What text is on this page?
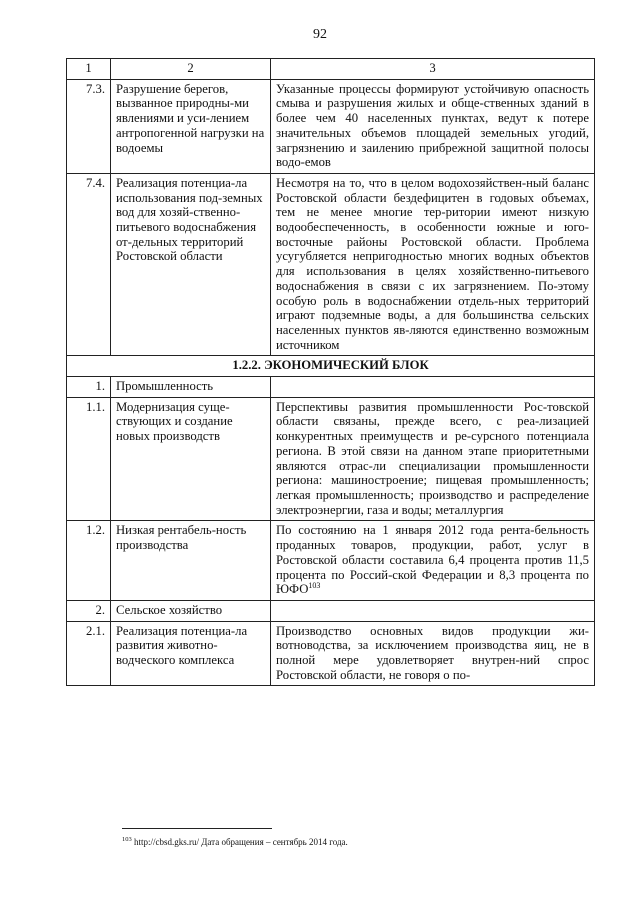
92
1	2	3
7.3.	Разрушение берегов, вызванное природны-ми явлениями и уси-лением антропогенной нагрузки на водоемы	Указанные процессы формируют устойчивую опасность смыва и разрушения жилых и обще-ственных зданий в более чем 40 населенных пунктах, ведут к потере значительных объемов площадей земельных угодий, загрязнению и заилению прибрежной защитной полосы водо-емов
7.4.	Реализация потенциа-ла использования под-земных вод для хозяй-ственно-питьевого водоснабжения от-дельных территорий Ростовской области	Несмотря на то, что в целом водохозяйствен-ный баланс Ростовской области бездефицитен в годовых объемах, тем не менее многие тер-ритории имеют низкую водообеспеченность, в особенности южные и юго-восточные районы Ростовской области. Проблема усугубляется непригодностью многих водных объектов для использования в целях хозяйственно-питьевого водоснабжения в связи с их загрязнением. По-этому особую роль в водоснабжении отдель-ных территорий играют подземные воды, а для большинства сельских населенных пунктов яв-ляются единственно возможным источником
1.2.2. ЭКОНОМИЧЕСКИЙ БЛОК		
1.	Промышленность	
1.1.	Модернизация суще-ствующих и создание новых производств	Перспективы развития промышленности Рос-товской области связаны, прежде всего, с реа-лизацией конкурентных преимуществ и ре-сурсного потенциала региона. В этой связи на данном этапе приоритетными являются отрас-ли специализации промышленности региона: машиностроение; пищевая промышленность; легкая промышленность; производство и распределение электроэнергии, газа и воды; металлургия
1.2.	Низкая рентабель-ность производства	По состоянию на 1 января 2012 года рента-бельность проданных товаров, продукции, работ, услуг в Ростовской области составила 6,4 процента против 11,5 процента по Россий-ской Федерации и 8,3 процента по ЮФО$^{103}$
2.	Сельское хозяйство	
2.1.	Реализация потенциа-ла развития животно-водческого комплекса	Производство основных видов продукции жи-вотноводства, за исключением производства яиц, не в полной мере удовлетворяет внутрен-ний спрос Ростовской области, не говоря о по-
$^{103}$ http://cbsd.gks.ru/ Дата обращения – сентябрь 2014 года.
